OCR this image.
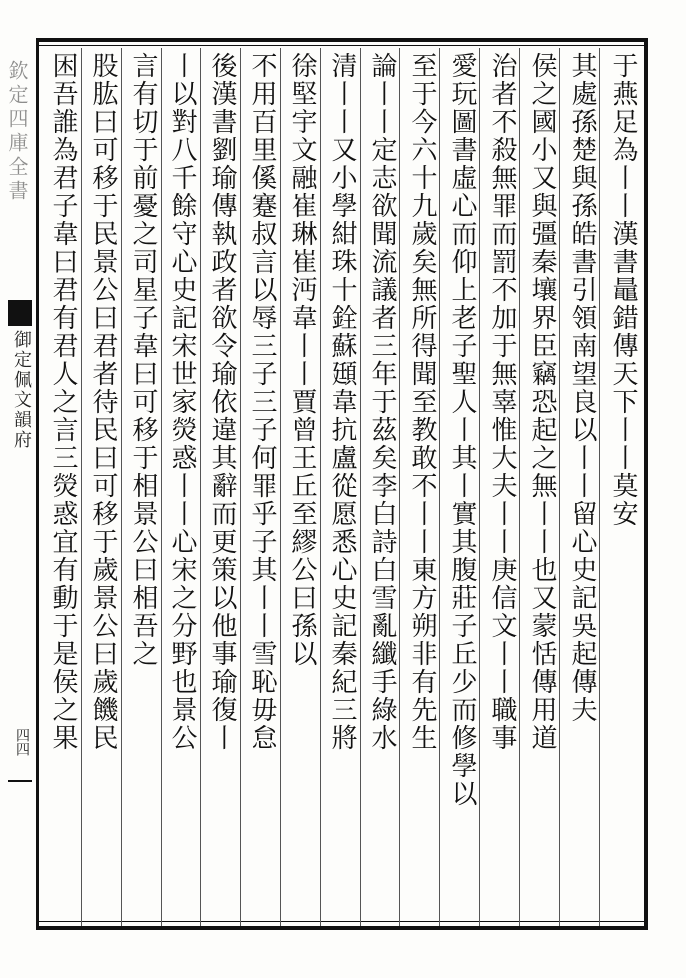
欽定四庫全書
御定佩文韻府
四四
于燕足為丨丨漢書鼂錯傳天下丨丨莫安
其處孫楚與孫皓書引領南望良以丨丨留心史記吳起傳夫
侯之國小又與彊秦壤界臣竊恐起之無丨丨也又蒙恬傳用道
治者不殺無罪而罰不加于無辜惟大夫丨丨庚信文丨丨職事
愛玩圖書虛心而仰上老子聖人丨其丨實其腹莊子丘少而修學以
至于今六十九歲矣無所得聞至教敢不丨丨東方朔非有先生
論丨丨定志欲聞流議者三年于茲矣李白詩白雪亂纖手綠水
清丨丨又小學紺珠十銓蘇頲韋抗盧從愿悉心史記秦紀三將
徐堅宇文融崔琳崔沔韋丨丨賈曾王丘至繆公曰孫以
不用百里傒蹇叔言以辱三子三子何罪乎子其丨丨雪恥毋怠
後漢書劉瑜傳執政者欲令瑜依違其辭而更策以他事瑜復丨
丨以對八千餘守心史記宋世家熒惑丨丨心宋之分野也景公
言有切于前憂之司星子韋曰可移于相景公曰相吾之
股肱曰可移于民景公曰君者待民曰可移于歲景公曰歲饑民
困吾誰為君子韋曰君有君人之言三熒惑宜有動于是侯之果
